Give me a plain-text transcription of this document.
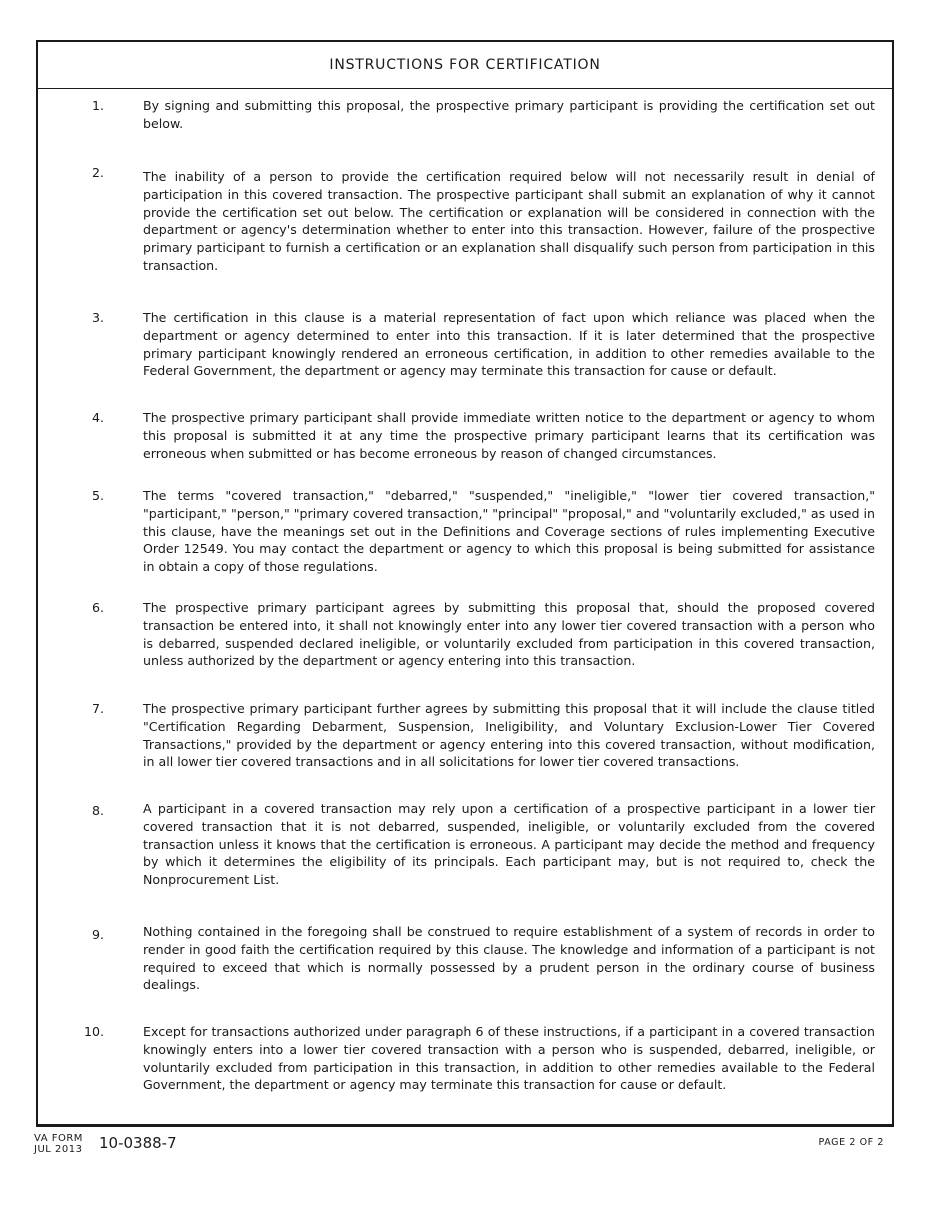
INSTRUCTIONS FOR CERTIFICATION
1.	By signing and submitting this proposal, the prospective primary participant is providing the certification set out below.
2.	The inability of a person to provide the certification required below will not necessarily result in denial of participation in this covered transaction. The prospective participant shall submit an explanation of why it cannot provide the certification set out below. The certification or explanation will be considered in connection with the department or agency's determination whether to enter into this transaction. However, failure of the prospective primary participant to furnish a certification or an explanation shall disqualify such person from participation in this transaction.
3.	The certification in this clause is a material representation of fact upon which reliance was placed when the department or agency determined to enter into this transaction. If it is later determined that the prospective primary participant knowingly rendered an erroneous certification, in addition to other remedies available to the Federal Government, the department or agency may terminate this transaction for cause or default.
4.	The prospective primary participant shall provide immediate written notice to the department or agency to whom this proposal is submitted it at any time the prospective primary participant learns that its certification was erroneous when submitted or has become erroneous by reason of changed circumstances.
5.	The terms "covered transaction," "debarred," "suspended," "ineligible," "lower tier covered transaction," "participant," "person," "primary covered transaction," "principal" "proposal," and "voluntarily excluded," as used in this clause, have the meanings set out in the Definitions and Coverage sections of rules implementing Executive Order 12549. You may contact the department or agency to which this proposal is being submitted for assistance in obtain a copy of those regulations.
6.	The prospective primary participant agrees by submitting this proposal that, should the proposed covered transaction be entered into, it shall not knowingly enter into any lower tier covered transaction with a person who is debarred, suspended declared ineligible, or voluntarily excluded from participation in this covered transaction, unless authorized by the department or agency entering into this transaction.
7.	The prospective primary participant further agrees by submitting this proposal that it will include the clause titled "Certification Regarding Debarment, Suspension, Ineligibility, and Voluntary Exclusion-Lower Tier Covered Transactions," provided by the department or agency entering into this covered transaction, without modification, in all lower tier covered transactions and in all solicitations for lower tier covered transactions.
8.	A participant in a covered transaction may rely upon a certification of a prospective participant in a lower tier covered transaction that it is not debarred, suspended, ineligible, or voluntarily excluded from the covered transaction unless it knows that the certification is erroneous. A participant may decide the method and frequency by which it determines the eligibility of its principals. Each participant may, but is not required to, check the Nonprocurement List.
9.	Nothing contained in the foregoing shall be construed to require establishment of a system of records in order to render in good faith the certification required by this clause. The knowledge and information of a participant is not required to exceed that which is normally possessed by a prudent person in the ordinary course of business dealings.
10.	Except for transactions authorized under paragraph 6 of these instructions, if a participant in a covered transaction knowingly enters into a lower tier covered transaction with a person who is suspended, debarred, ineligible, or voluntarily excluded from participation in this transaction, in addition to other remedies available to the Federal Government, the department or agency may terminate this transaction for cause or default.
VA FORM
JUL 2013 10-0388-7	PAGE 2 OF 2
